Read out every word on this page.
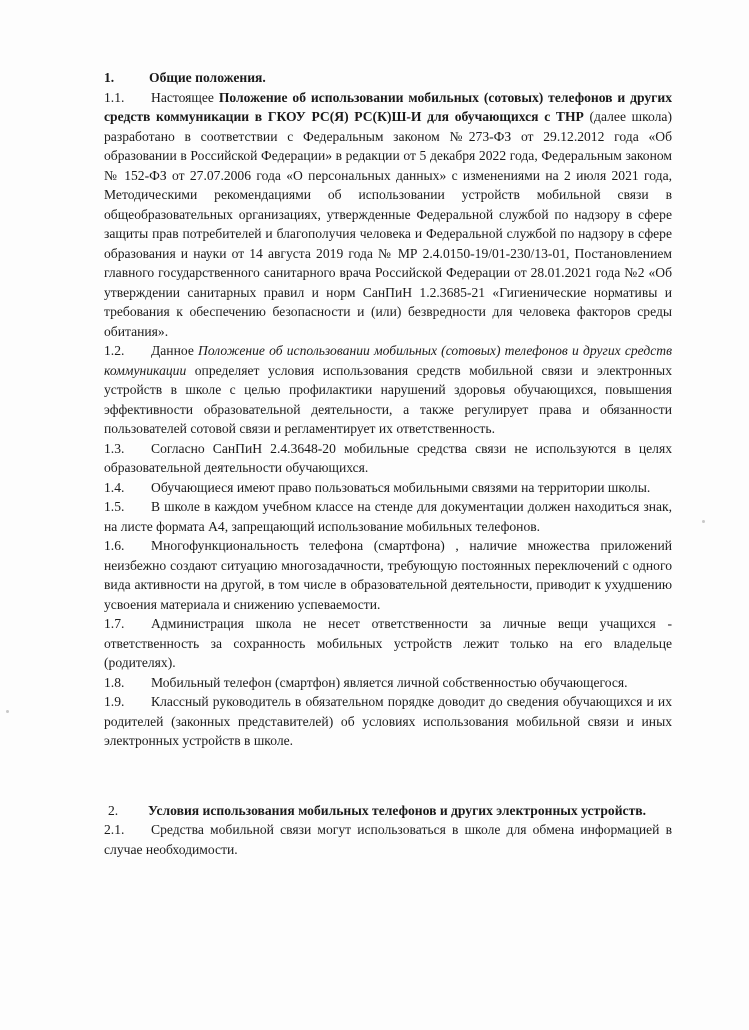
1.	Общие положения.

1.1. Настоящее Положение об использовании мобильных (сотовых) телефонов и других средств коммуникации в ГКОУ РС(Я) РС(К)Ш-И для обучающихся с ТНР (далее школа) разработано в соответствии с Федеральным законом №273-ФЗ от 29.12.2012 года «Об образовании в Российской Федерации» в редакции от 5 декабря 2022 года, Федеральным законом № 152-ФЗ от 27.07.2006 года «О персональных данных» с изменениями на 2 июля 2021 года, Методическими рекомендациями об использовании устройств мобильной связи в общеобразовательных организациях, утвержденные Федеральной службой по надзору в сфере защиты прав потребителей и благополучия человека и Федеральной службой по надзору в сфере образования и науки от 14 августа 2019 года № МР 2.4.0150-19/01-230/13-01, Постановлением главного государственного санитарного врача Российской Федерации от 28.01.2021 года №2 «Об утверждении санитарных правил и норм СанПиН 1.2.3685-21 «Гигиенические нормативы и требования к обеспечению безопасности и (или) безвредности для человека факторов среды обитания».

1.2. Данное Положение об использовании мобильных (сотовых) телефонов и других средств коммуникации определяет условия использования средств мобильной связи и электронных устройств в школе с целью профилактики нарушений здоровья обучающихся, повышения эффективности образовательной деятельности, а также регулирует права и обязанности пользователей сотовой связи и регламентирует их ответственность.

1.3. Согласно СанПиН 2.4.3648-20 мобильные средства связи не используются в целях образовательной деятельности обучающихся.

1.4. Обучающиеся имеют право пользоваться мобильными связями на территории школы.

1.5. В школе в каждом учебном классе на стенде для документации должен находиться знак, на листе формата А4, запрещающий использование мобильных телефонов.

1.6. Многофункциональность телефона (смартфона) , наличие множества приложений неизбежно создают ситуацию многозадачности, требующую постоянных переключений с одного вида активности на другой, в том числе в образовательной деятельности, приводит к ухудшению усвоения материала и снижению успеваемости.

1.7. Администрация школа не несет ответственности за личные вещи учащихся - ответственность за сохранность мобильных устройств лежит только на его владельце (родителях).

1.8. Мобильный телефон (смартфон) является личной собственностью обучающегося.

1.9. Классный руководитель в обязательном порядке доводит до сведения обучающихся и их родителей (законных представителей) об условиях использования мобильной связи и иных электронных устройств в школе.

2. Условия использования мобильных телефонов и других электронных устройств.

2.1. Средства мобильной связи могут использоваться в школе для обмена информацией в случае необходимости.
